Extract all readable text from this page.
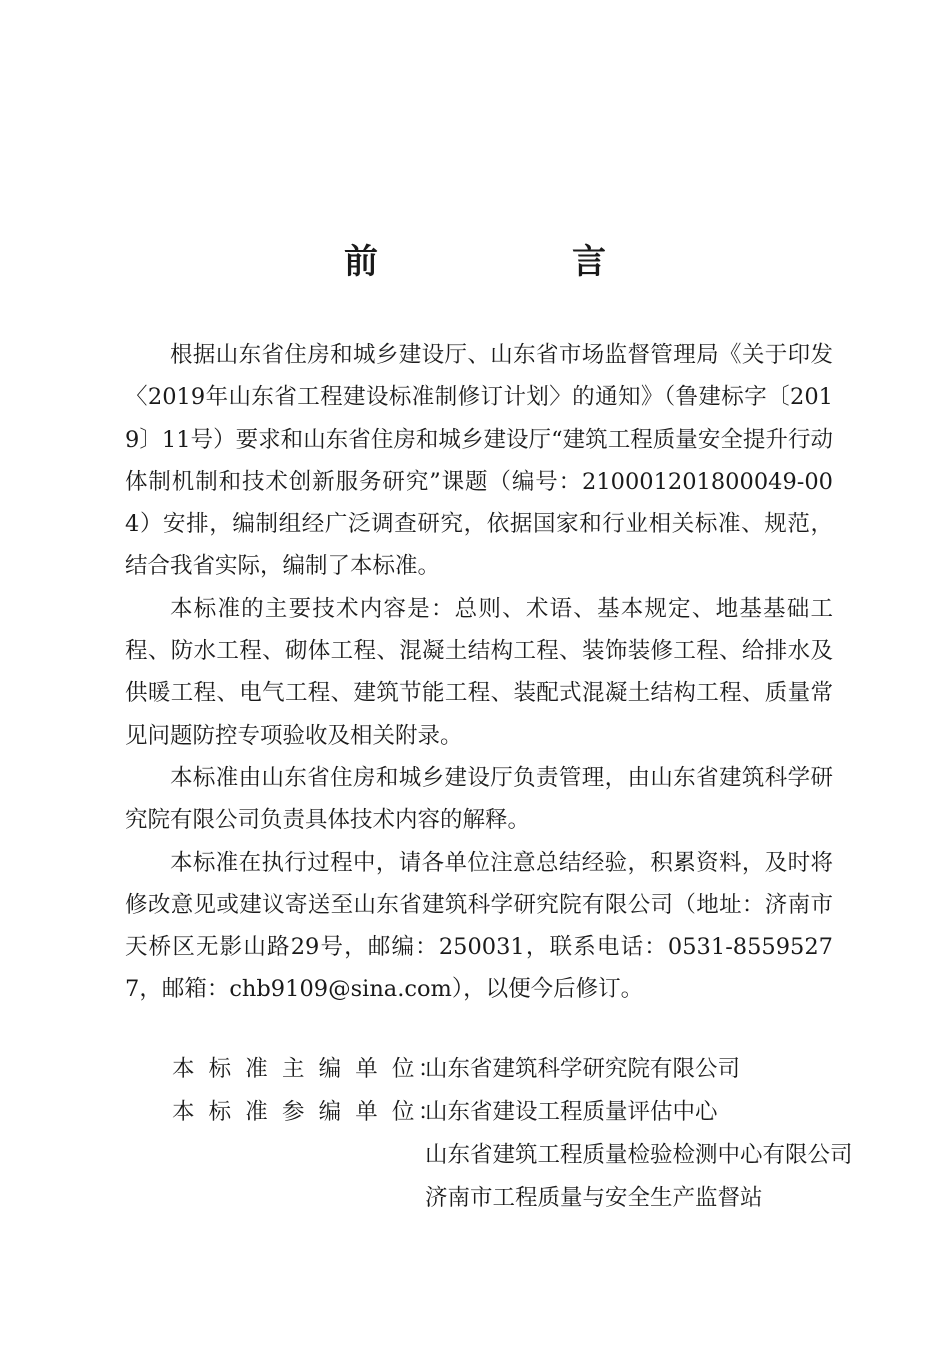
前　言

根据山东省住房和城乡建设厅、山东省市场监督管理局《关于印发〈2019年山东省工程建设标准制修订计划〉的通知》（鲁建标字〔2019〕11号）要求和山东省住房和城乡建设厅“建筑工程质量安全提升行动体制机制和技术创新服务研究”课题（编号：210001201800049-004）安排，编制组经广泛调查研究，依据国家和行业相关标准、规范，结合我省实际，编制了本标准。

本标准的主要技术内容是：总则、术语、基本规定、地基基础工程、防水工程、砌体工程、混凝土结构工程、装饰装修工程、给排水及供暖工程、电气工程、建筑节能工程、装配式混凝土结构工程、质量常见问题防控专项验收及相关附录。

本标准由山东省住房和城乡建设厅负责管理，由山东省建筑科学研究院有限公司负责具体技术内容的解释。

本标准在执行过程中，请各单位注意总结经验，积累资料，及时将修改意见或建议寄送至山东省建筑科学研究院有限公司（地址：济南市天桥区无影山路29号，邮编：250031，联系电话：0531-85595277，邮箱：chb9109@sina.com），以便今后修订。

本 标 准 主 编 单 位：
山东省建筑科学研究院有限公司
本 标 准 参 编 单 位：
山东省建设工程质量评估中心
山东省建筑工程质量检验检测中心有限公司
济南市工程质量与安全生产监督站
